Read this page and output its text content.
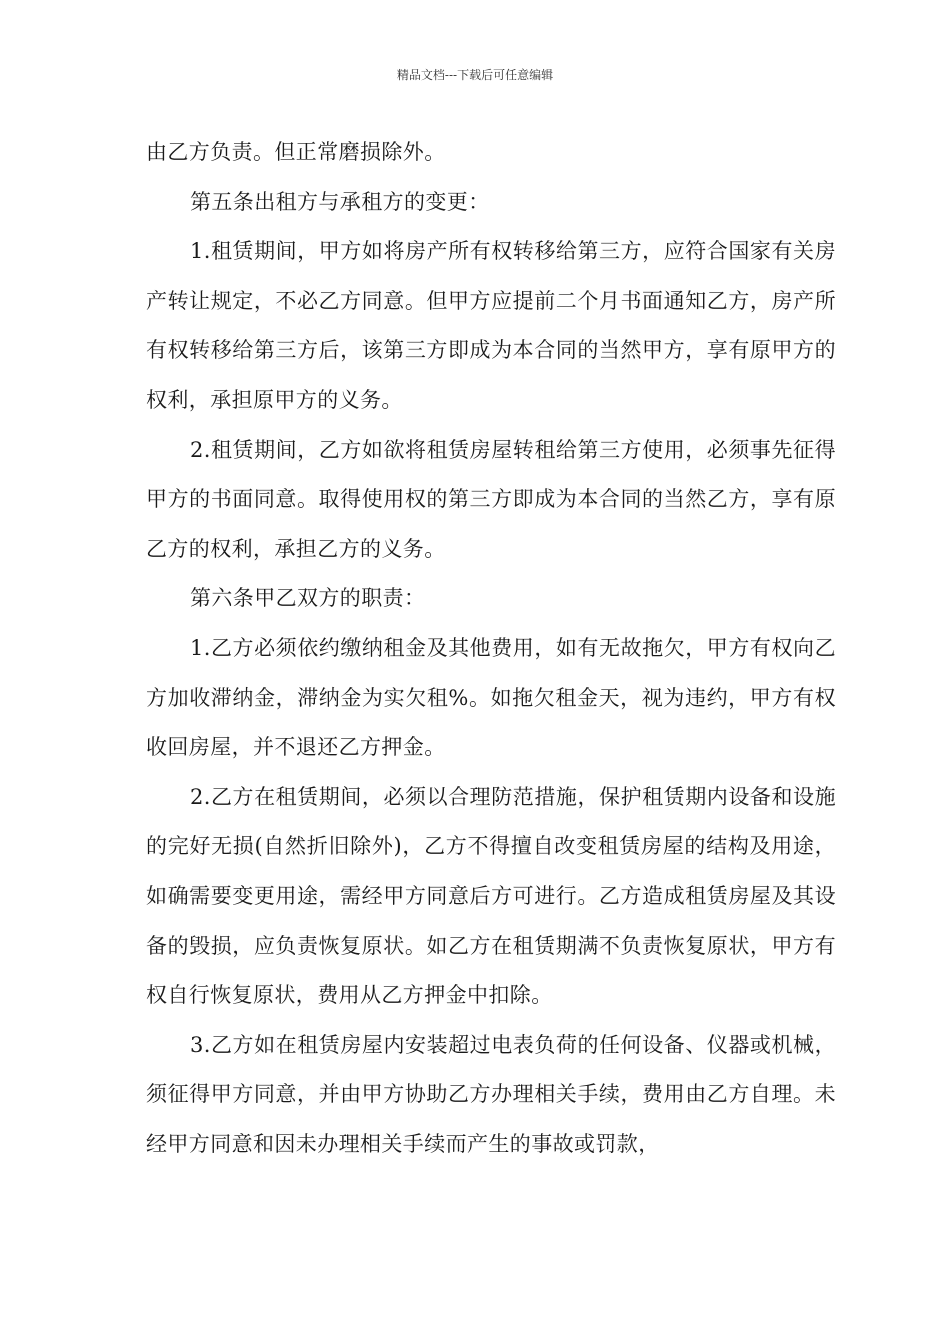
精品文档---下载后可任意编辑

由乙方负责。但正常磨损除外。

第五条出租方与承租方的变更：

1.租赁期间，甲方如将房产所有权转移给第三方，应符合国家有关房产转让规定，不必乙方同意。但甲方应提前二个月书面通知乙方，房产所有权转移给第三方后，该第三方即成为本合同的当然甲方，享有原甲方的权利，承担原甲方的义务。

2.租赁期间，乙方如欲将租赁房屋转租给第三方使用，必须事先征得甲方的书面同意。取得使用权的第三方即成为本合同的当然乙方，享有原乙方的权利，承担乙方的义务。

第六条甲乙双方的职责：

1.乙方必须依约缴纳租金及其他费用，如有无故拖欠，甲方有权向乙方加收滞纳金，滞纳金为实欠租%。如拖欠租金天，视为违约，甲方有权收回房屋，并不退还乙方押金。

2.乙方在租赁期间，必须以合理防范措施，保护租赁期内设备和设施的完好无损(自然折旧除外)，乙方不得擅自改变租赁房屋的结构及用途，如确需要变更用途，需经甲方同意后方可进行。乙方造成租赁房屋及其设备的毁损，应负责恢复原状。如乙方在租赁期满不负责恢复原状，甲方有权自行恢复原状，费用从乙方押金中扣除。

3.乙方如在租赁房屋内安装超过电表负荷的任何设备、仪器或机械，须征得甲方同意，并由甲方协助乙方办理相关手续，费用由乙方自理。未经甲方同意和因未办理相关手续而产生的事故或罚款，
